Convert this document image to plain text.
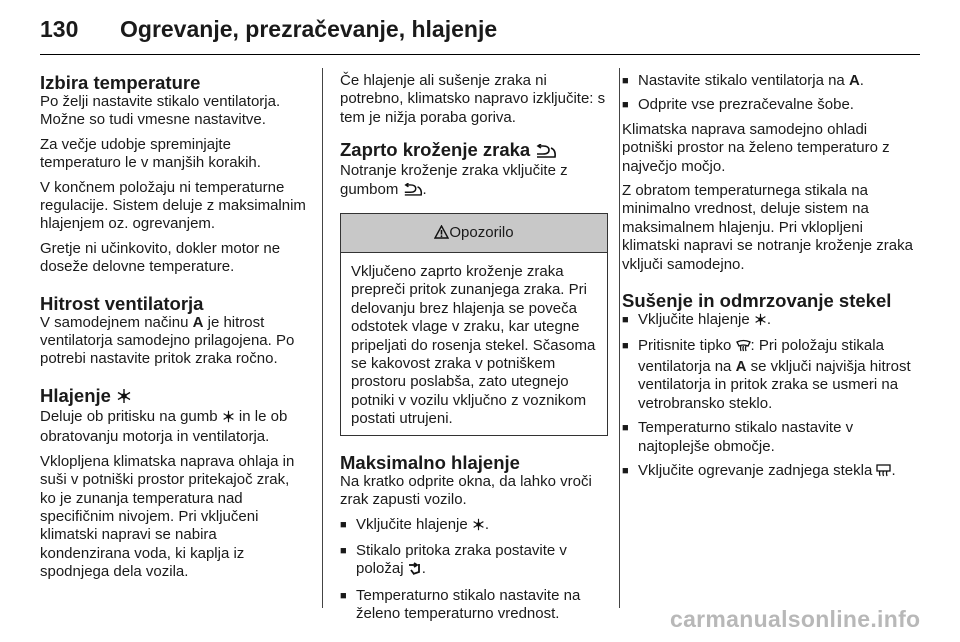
130 Ogrevanje, prezračevanje, hlajenje
Izbira temperature

Po želji nastavite stikalo ventilatorja. Možne so tudi vmesne nastavitve.

Za večje udobje spreminjajte temperaturo le v manjših korakih.

V končnem položaju ni temperaturne regulacije. Sistem deluje z maksimalnim hlajenjem oz. ogrevanjem.

Gretje ni učinkovito, dokler motor ne doseže delovne temperature.

Hitrost ventilatorja

V samodejnem načinu A je hitrost ventilatorja samodejno prilagojena. Po potrebi nastavite pritok zraka ročno.

Hlajenje

Deluje ob pritisku na gumb  in le ob obratovanju motorja in ventilatorja.

Vklopljena klimatska naprava ohlaja in suši v potniški prostor pritekajoč zrak, ko je zunanja temperatura nad specifičnim nivojem. Pri vključeni klimatski napravi se nabira kondenzirana voda, ki kaplja iz spodnjega dela vozila.

Če hlajenje ali sušenje zraka ni potrebno, klimatsko napravo izključite: s tem je nižja poraba goriva.

Zaprto kroženje zraka

Notranje kroženje zraka vključite z gumbom .

Opozorilo
Vključeno zaprto kroženje zraka prepreči pritok zunanjega zraka. Pri delovanju brez hlajenja se poveča odstotek vlage v zraku, kar utegne pripeljati do rosenja stekel. Sčasoma se kakovost zraka v potniškem prostoru poslabša, zato utegnejo potniki v vozilu vključno z voznikom postati utrujeni.
Maksimalno hlajenje

Na kratko odprite okna, da lahko vroči zrak zapusti vozilo.

■ Vključite hlajenje .
■ Stikalo pritoka zraka postavite v položaj .
■ Temperaturno stikalo nastavite na želeno temperaturno vrednost.
■ Nastavite stikalo ventilatorja na A.
■ Odprite vse prezračevalne šobe.

Klimatska naprava samodejno ohladi potniški prostor na želeno temperaturo z največjo močjo.

Z obratom temperaturnega stikala na minimalno vrednost, deluje sistem na maksimalnem hlajenju. Pri vklopljeni klimatski napravi se notranje kroženje zraka vključi samodejno.

Sušenje in odmrzovanje stekel
■ Vključite hlajenje .
■ Pritisnite tipko : Pri položaju stikala ventilatorja na A se vključi najvišja hitrost ventilatorja in pritok zraka se usmeri na vetrobransko steklo.
■ Temperaturno stikalo nastavite v najtoplejše območje.
■ Vključite ogrevanje zadnjega stekla .
carmanualsonline.info
